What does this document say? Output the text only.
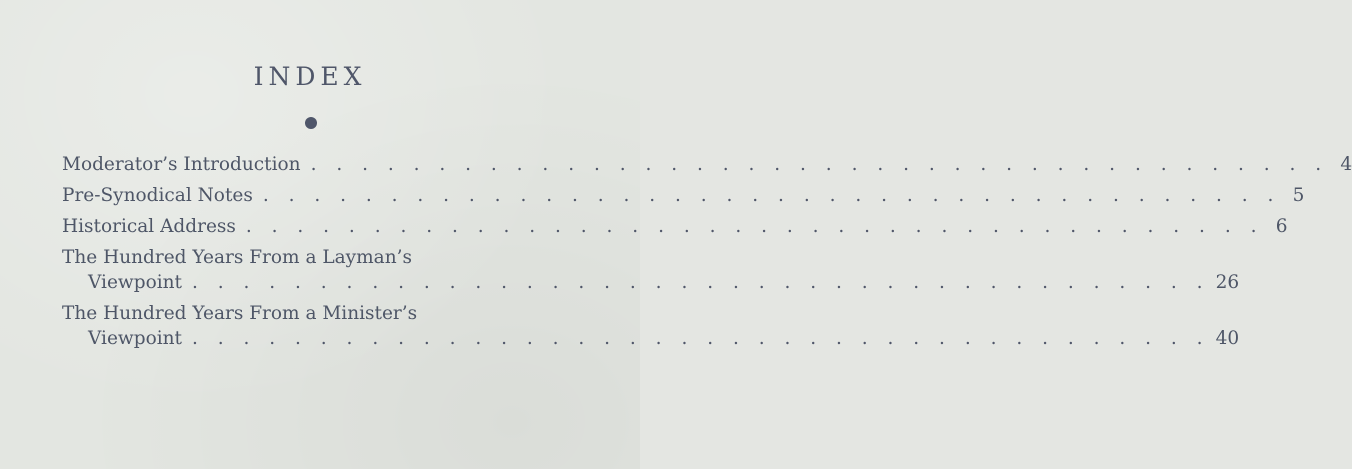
INDEX
Moderator’s Introduction . . . . . . . . . . . . . . . . . . . . . . . . . . . . . . . . . . . . . . . . 4
Pre-Synodical Notes . . . . . . . . . . . . . . . . . . . . . . . . . . . . . . . . . . . . . . . . 5
Historical Address . . . . . . . . . . . . . . . . . . . . . . . . . . . . . . . . . . . . . . . . 6
The Hundred Years From a Layman’s
Viewpoint . . . . . . . . . . . . . . . . . . . . . . . . . . . . . . . . . . . . . . . . 26
The Hundred Years From a Minister’s
Viewpoint . . . . . . . . . . . . . . . . . . . . . . . . . . . . . . . . . . . . . . . . 40
